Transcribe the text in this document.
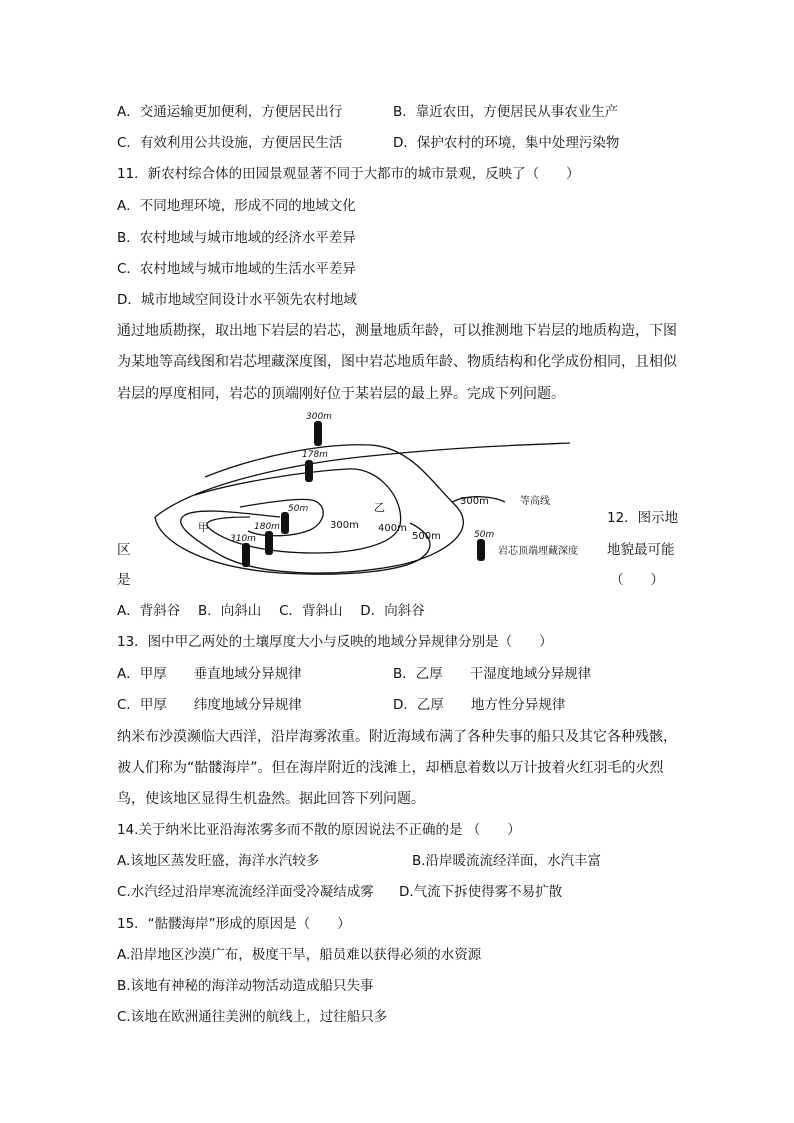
A．交通运输更加便利，方便居民出行	B．靠近农田，方便居民从事农业生产
C．有效利用公共设施，方便居民生活	D．保护农村的环境，集中处理污染物
11．新农村综合体的田园景观显著不同于大都市的城市景观，反映了（　　）
A．不同地理环境，形成不同的地域文化
B．农村地域与城市地域的经济水平差异
C．农村地域与城市地域的生活水平差异
D．城市地域空间设计水平领先农村地域
通过地质勘探，取出地下岩层的岩芯，测量地质年龄，可以推测地下岩层的地质构造，下图
为某地等高线图和岩芯埋藏深度图，图中岩芯地质年龄、物质结构和化学成份相同，且相似
岩层的厚度相同，岩芯的顶端刚好位于某岩层的最上界。完成下列问题。
300m
178m
50m
180m
310m	50m
300m 400m
500m
甲
乙	300m	等高线
岩芯顶端埋藏深度
12．图示地
地貌最可能
（　　）
区
是
A．背斜谷　 B．向斜山　 C．背斜山　 D．向斜谷
13．图中甲乙两处的土壤厚度大小与反映的地域分异规律分别是（　　）
A．甲厚　　垂直地域分异规律	B．乙厚　　干湿度地域分异规律
C．甲厚　　纬度地域分异规律	D．乙厚　　地方性分异规律
纳米布沙漠濒临大西洋，沿岸海雾浓重。附近海域布满了各种失事的船只及其它各种残骸，
被人们称为“骷髅海岸”。但在海岸附近的浅滩上，却栖息着数以万计披着火红羽毛的火烈
鸟，使该地区显得生机盎然。据此回答下列问题。
14.关于纳米比亚沿海浓雾多而不散的原因说法不正确的是 （　　）
A.该地区蒸发旺盛，海洋水汽较多	B.沿岸暖流流经洋面，水汽丰富
C.水汽经过沿岸寒流流经洋面受冷凝结成雾 D.气流下拆使得雾不易扩散
15．“骷髅海岸”形成的原因是（　　）
A.沿岸地区沙漠广布，极度干旱，船员难以获得必须的水资源
B.该地有神秘的海洋动物活动造成船只失事
C.该地在欧洲通往美洲的航线上，过往船只多
